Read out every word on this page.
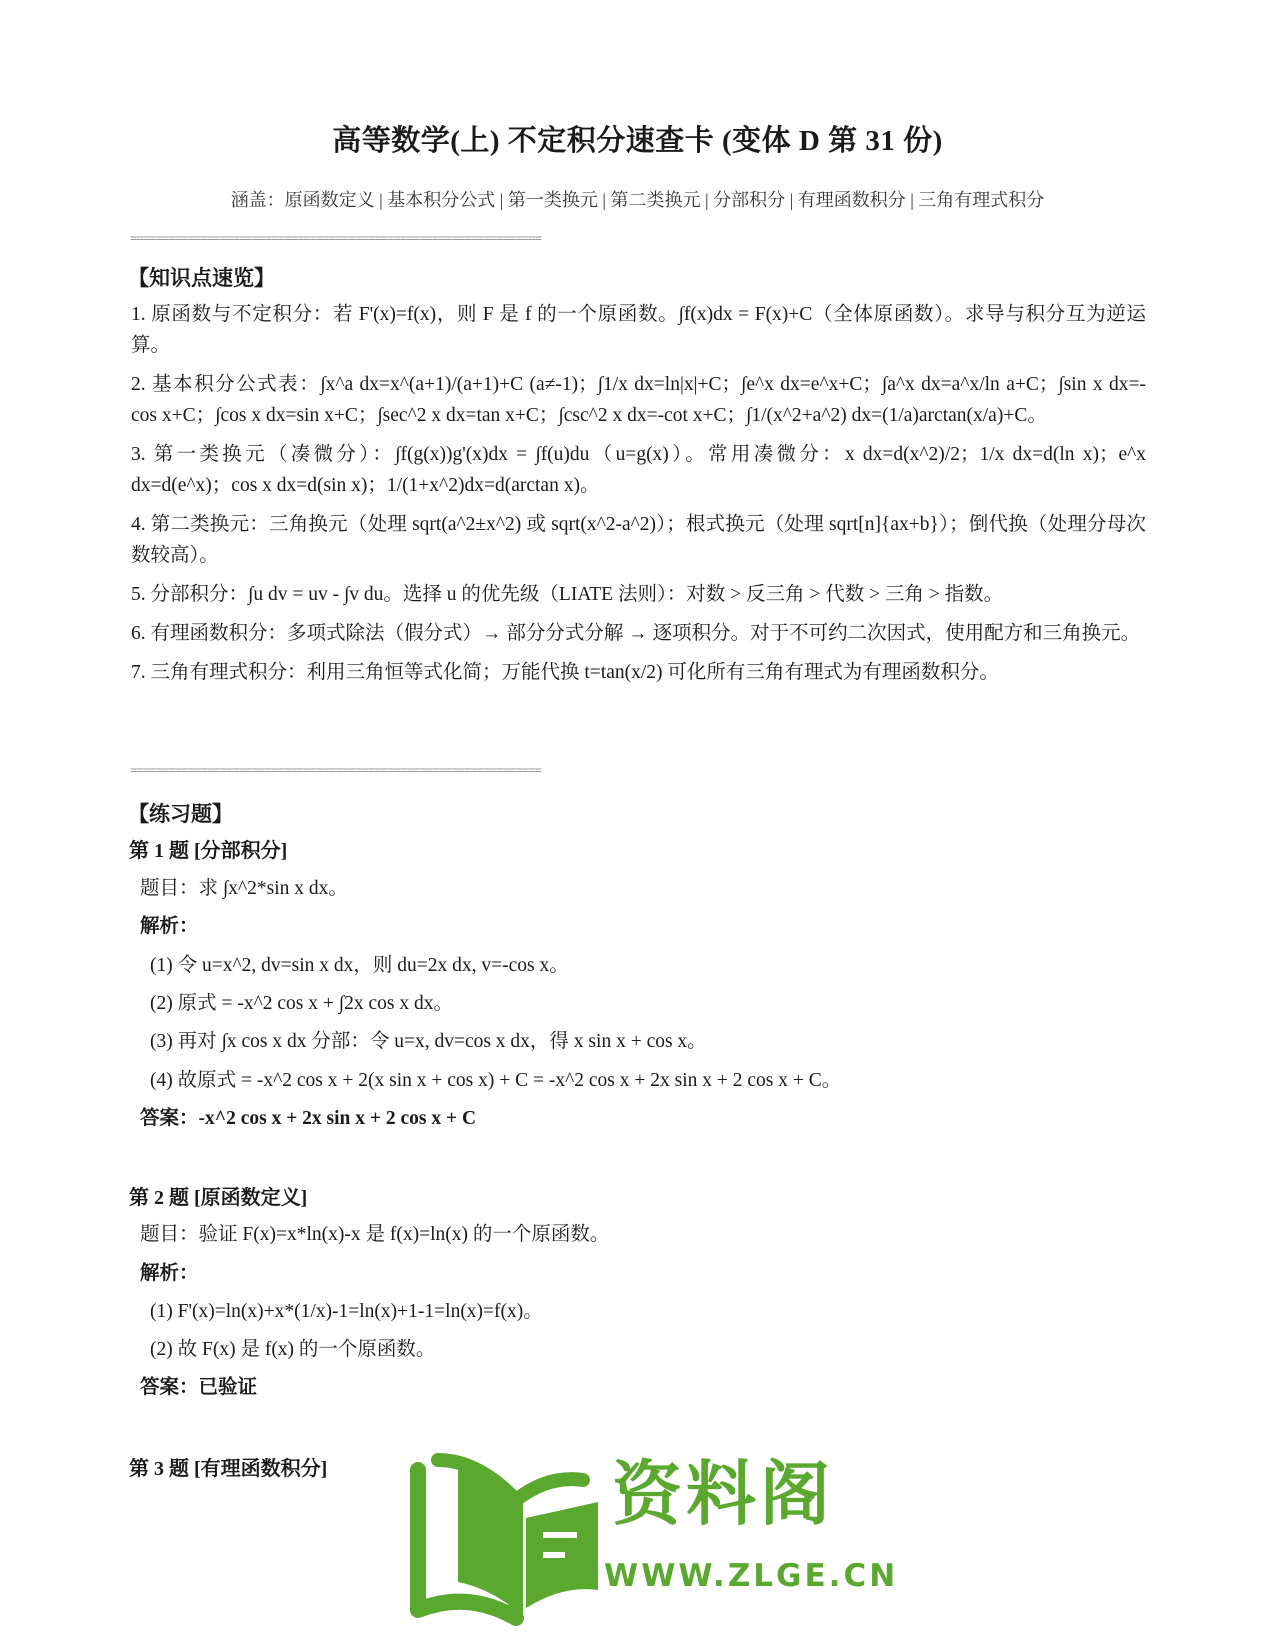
高等数学(上) 不定积分速查卡 (变体 D 第 31 份)
涵盖：原函数定义 | 基本积分公式 | 第一类换元 | 第二类换元 | 分部积分 | 有理函数积分 | 三角有理式积分
================================================================
【知识点速览】

1. 原函数与不定积分：若 F'(x)=f(x)，则 F 是 f 的一个原函数。∫f(x)dx = F(x)+C（全体原函数）。求导与积分互为逆运算。

2. 基本积分公式表：∫x^a dx=x^(a+1)/(a+1)+C (a≠-1)；∫1/x dx=ln|x|+C；∫e^x dx=e^x+C；∫a^x dx=a^x/ln a+C；∫sin x dx=-cos x+C；∫cos x dx=sin x+C；∫sec^2 x dx=tan x+C；∫csc^2 x dx=-cot x+C；∫1/(x^2+a^2) dx=(1/a)arctan(x/a)+C。

3. 第一类换元（凑微分）：∫f(g(x))g'(x)dx = ∫f(u)du（u=g(x)）。常用凑微分：x dx=d(x^2)/2；1/x dx=d(ln x)；e^x dx=d(e^x)；cos x dx=d(sin x)；1/(1+x^2)dx=d(arctan x)。

4. 第二类换元：三角换元（处理 sqrt(a^2±x^2) 或 sqrt(x^2-a^2)）；根式换元（处理 sqrt[n]{ax+b}）；倒代换（处理分母次数较高）。

5. 分部积分：∫u dv = uv - ∫v du。选择 u 的优先级（LIATE 法则）：对数 > 反三角 > 代数 > 三角 > 指数。

6. 有理函数积分：多项式除法（假分式）→ 部分分式分解 → 逐项积分。对于不可约二次因式，使用配方和三角换元。

7. 三角有理式积分：利用三角恒等式化简；万能代换 t=tan(x/2) 可化所有三角有理式为有理函数积分。

================================================================
【练习题】
第 1 题 [分部积分]
题目：求 ∫x^2*sin x dx。
解析：
(1) 令 u=x^2, dv=sin x dx，则 du=2x dx, v=-cos x。
(2) 原式 = -x^2 cos x + ∫2x cos x dx。
(3) 再对 ∫x cos x dx 分部：令 u=x, dv=cos x dx，得 x sin x + cos x。
(4) 故原式 = -x^2 cos x + 2(x sin x + cos x) + C = -x^2 cos x + 2x sin x + 2 cos x + C。
答案：-x^2 cos x + 2x sin x + 2 cos x + C
第 2 题 [原函数定义]
题目：验证 F(x)=x*ln(x)-x 是 f(x)=ln(x) 的一个原函数。
解析：
(1) F'(x)=ln(x)+x*(1/x)-1=ln(x)+1-1=ln(x)=f(x)。
(2) 故 F(x) 是 f(x) 的一个原函数。
答案：已验证
第 3 题 [有理函数积分]	资料阁
WWW.ZLGE.CN
